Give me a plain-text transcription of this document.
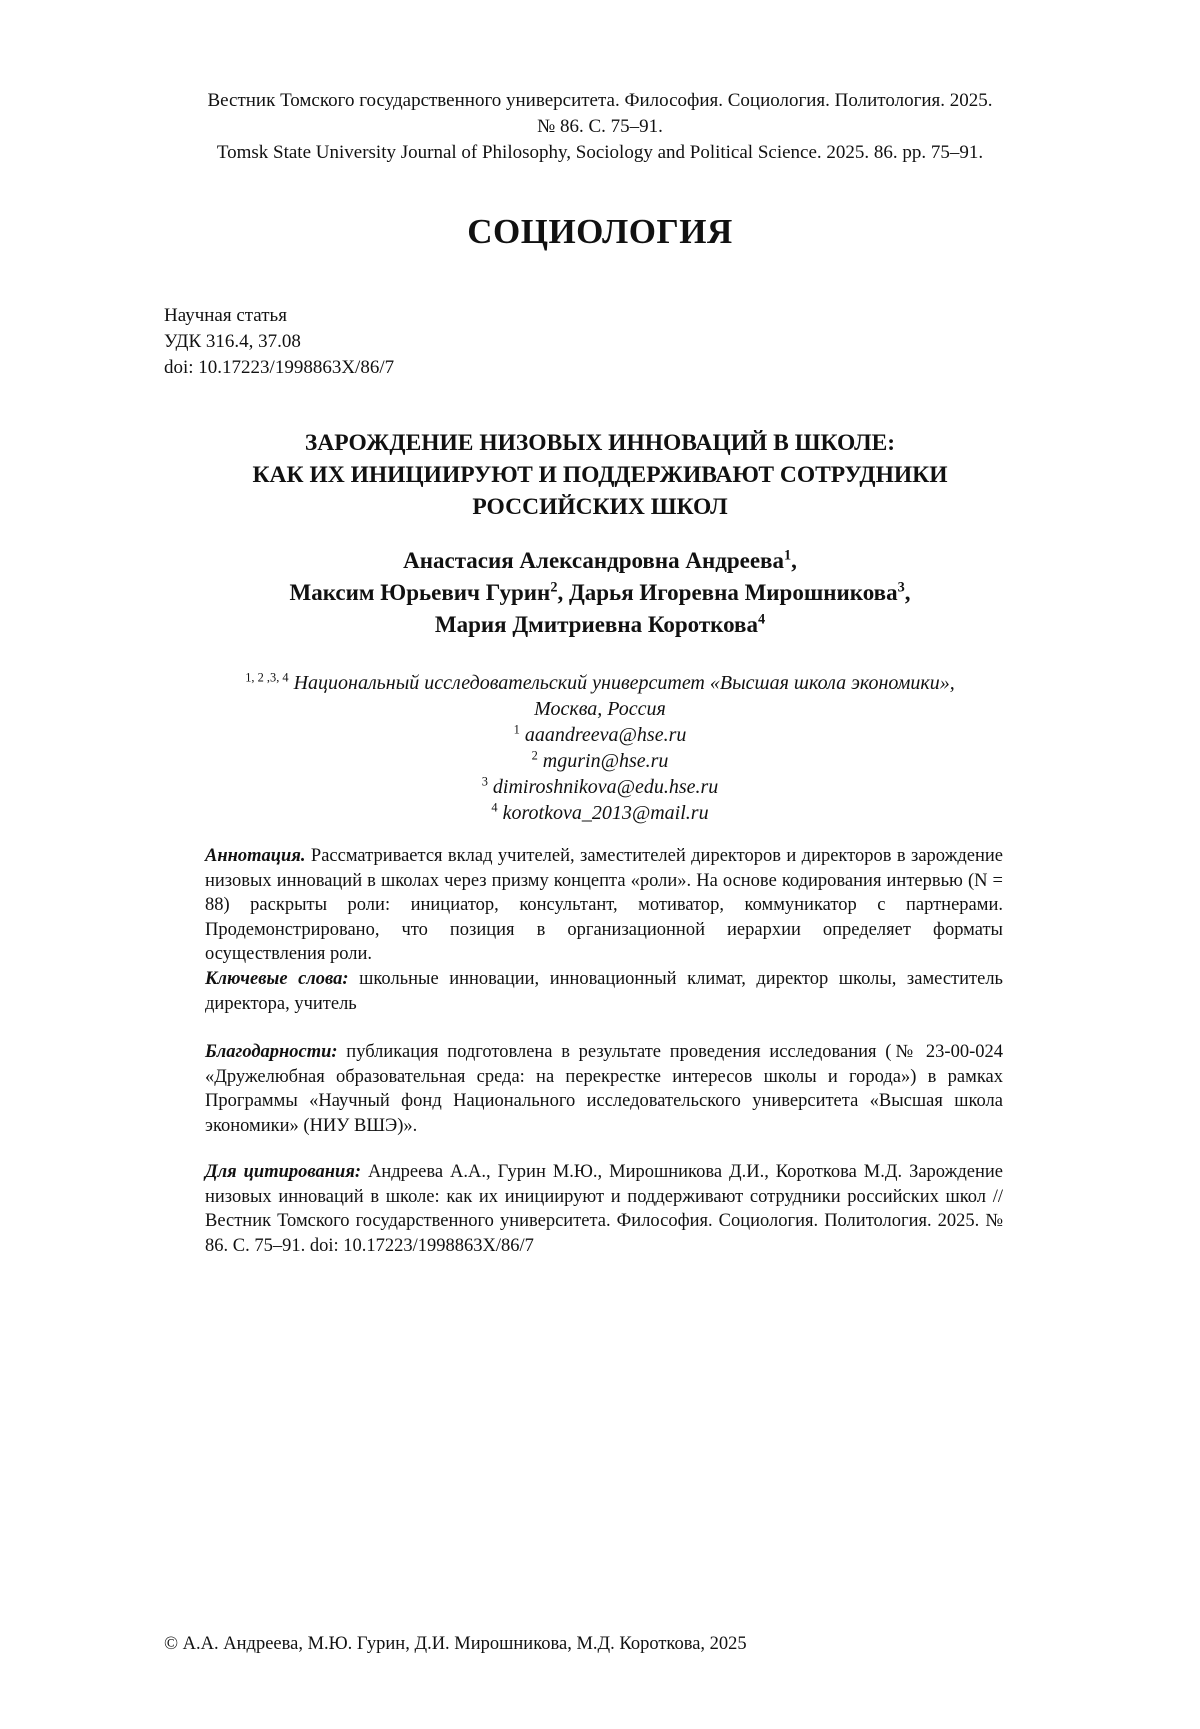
Вестник Томского государственного университета. Философия. Социология. Политология. 2025.
№ 86. С. 75–91.
Tomsk State University Journal of Philosophy, Sociology and Political Science. 2025. 86. pp. 75–91.
СОЦИОЛОГИЯ
Научная статья
УДК 316.4, 37.08
doi: 10.17223/1998863X/86/7
ЗАРОЖДЕНИЕ НИЗОВЫХ ИННОВАЦИЙ В ШКОЛЕ:
КАК ИХ ИНИЦИИРУЮТ И ПОДДЕРЖИВАЮТ СОТРУДНИКИ
РОССИЙСКИХ ШКОЛ
Анастасия Александровна Андреева$^1$,
Максим Юрьевич Гурин$^2$, Дарья Игоревна Мирошникова$^3$,
Мария Дмитриевна Короткова$^4$
$^{1, 2 ,3, 4}$ Национальный исследовательский университет «Высшая школа экономики»,
Москва, Россия
$^1$ aaandreeva@hse.ru
$^2$ mgurin@hse.ru
$^3$ dimiroshnikova@edu.hse.ru
$^4$ korotkova_2013@mail.ru
Аннотация. Рассматривается вклад учителей, заместителей директоров и директоров в зарождение низовых инноваций в школах через призму концепта «роли». На основе кодирования интервью (N = 88) раскрыты роли: инициатор, консультант, мотиватор, коммуникатор с партнерами. Продемонстрировано, что позиция в организационной иерархии определяет форматы осуществления роли.
Ключевые слова: школьные инновации, инновационный климат, директор школы, заместитель директора, учитель
Благодарности: публикация подготовлена в результате проведения исследования (№ 23-00-024 «Дружелюбная образовательная среда: на перекрестке интересов школы и города») в рамках Программы «Научный фонд Национального исследовательского университета «Высшая школа экономики» (НИУ ВШЭ)».
Для цитирования: Андреева А.А., Гурин М.Ю., Мирошникова Д.И., Короткова М.Д. Зарождение низовых инноваций в школе: как их инициируют и поддерживают сотрудники российских школ // Вестник Томского государственного университета. Философия. Социология. Политология. 2025. № 86. С. 75–91. doi: 10.17223/1998863X/86/7
© А.А. Андреева, М.Ю. Гурин, Д.И. Мирошникова, М.Д. Короткова, 2025
